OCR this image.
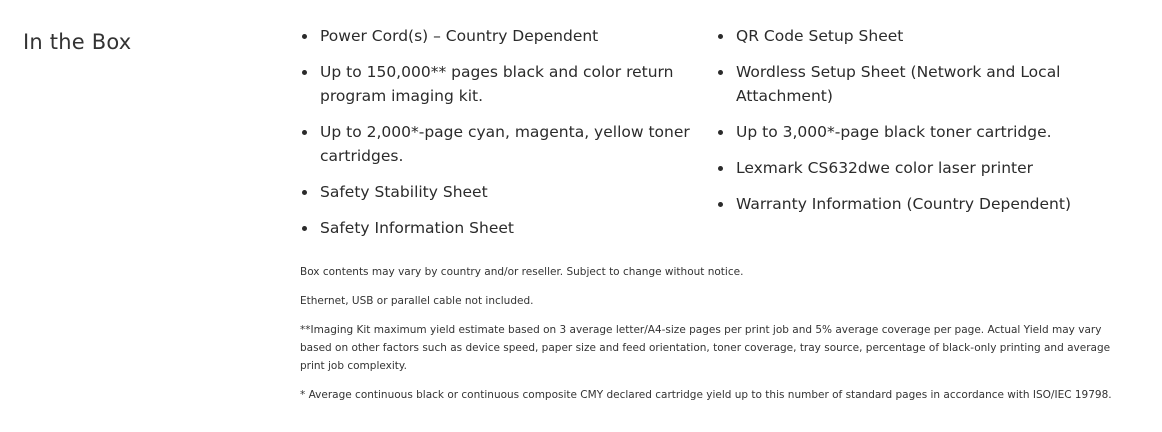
In the Box	Power Cord(s) – Country Dependent
Up to 150,000** pages black and color return program imaging kit.
Up to 2,000*-page cyan, magenta, yellow toner cartridges.
Safety Stability Sheet
Safety Information Sheet
QR Code Setup Sheet
Wordless Setup Sheet (Network and Local Attachment)
Up to 3,000*-page black toner cartridge.
Lexmark CS632dwe color laser printer
Warranty Information (Country Dependent)

Box contents may vary by country and/or reseller. Subject to change without notice.

Ethernet, USB or parallel cable not included.

**Imaging Kit maximum yield estimate based on 3 average letter/A4-size pages per print job and 5% average coverage per page. Actual Yield may vary based on other factors such as device speed, paper size and feed orientation, toner coverage, tray source, percentage of black-only printing and average print job complexity.

* Average continuous black or continuous composite CMY declared cartridge yield up to this number of standard pages in accordance with ISO/IEC 19798.
